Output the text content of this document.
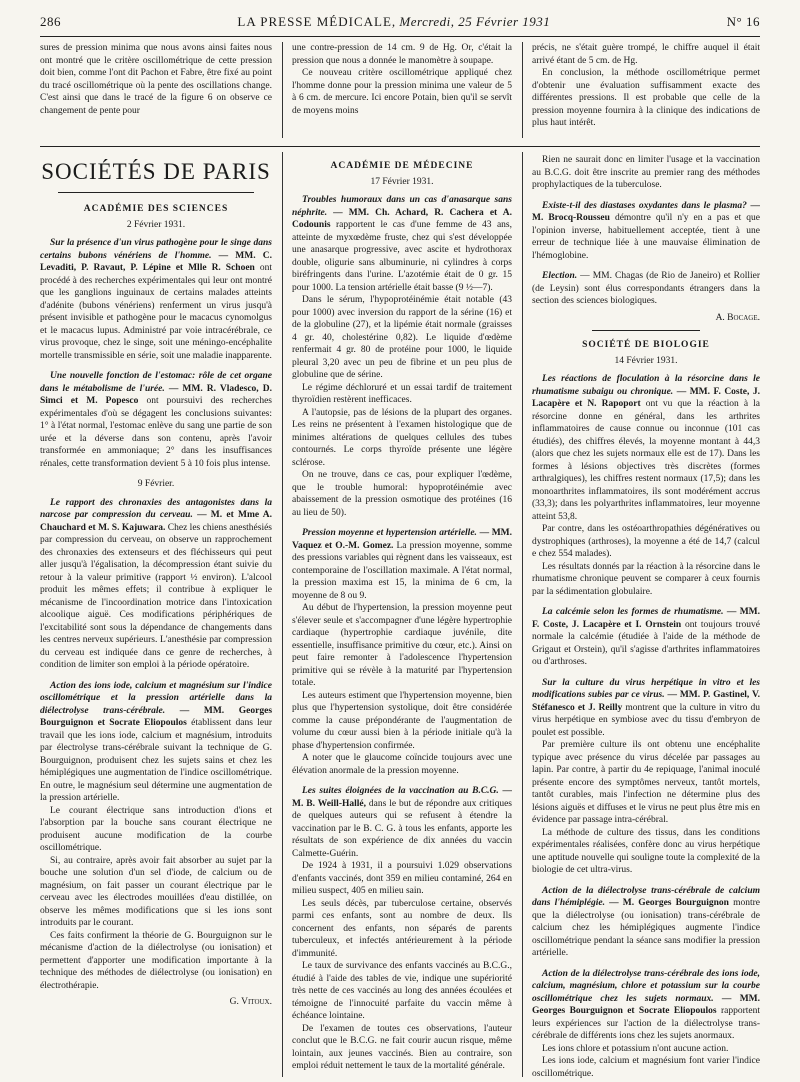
286	LA PRESSE MÉDICALE, Mercredi, 25 Février 1931	N° 16

sures de pression minima que nous avons ainsi faites nous ont montré que le critère oscillométrique de cette pression doit bien, comme l'ont dit Pachon et Fabre, être fixé au point du tracé oscillométrique où la pente des oscillations change. C'est ainsi que dans le tracé de la figure 6 on observe ce changement de pente pour

une contre-pression de 14 cm. 9 de Hg. Or, c'était la pression que nous a donnée le manomètre à soupape.

Ce nouveau critère oscillométrique appliqué chez l'homme donne pour la pression minima une valeur de 5 à 6 cm. de mercure. Ici encore Potain, bien qu'il se servît de moyens moins

précis, ne s'était guère trompé, le chiffre auquel il était arrivé étant de 5 cm. de Hg.

En conclusion, la méthode oscillométrique permet d'obtenir une évaluation suffisamment exacte des différentes pressions. Il est probable que celle de la pression moyenne fournira à la clinique des indications de plus haut intérêt.

SOCIÉTÉS DE PARIS
ACADÉMIE DES SCIENCES
2 Février 1931.

Sur la présence d'un virus pathogène pour le singe dans certains bubons vénériens de l'homme. — MM. C. Levaditi, P. Ravaut, P. Lépine et Mlle R. Schoen ont procédé à des recherches expérimentales qui leur ont montré que les ganglions inguinaux de certains malades atteints d'adénite (bubons vénériens) renferment un virus jusqu'à présent invisible et pathogène pour le macacus cynomolgus et le macacus lupus. Administré par voie intracérébrale, ce virus provoque, chez le singe, soit une méningo-encéphalite mortelle transmissible en série, soit une maladie inapparente.

Une nouvelle fonction de l'estomac: rôle de cet organe dans le métabolisme de l'urée. — MM. R. Vladesco, D. Simci et M. Popesco ont poursuivi des recherches expérimentales d'où se dégagent les conclusions suivantes: 1° à l'état normal, l'estomac enlève du sang une partie de son urée et la déverse dans son contenu, après l'avoir transformée en ammoniaque; 2° dans les insuffisances rénales, cette transformation devient 5 à 10 fois plus intense.

9 Février.

Le rapport des chronaxies des antagonistes dans la narcose par compression du cerveau. — M. et Mme A. Chauchard et M. S. Kajuwara. Chez les chiens anesthésiés par compression du cerveau, on observe un rapprochement des chronaxies des extenseurs et des fléchisseurs qui peut aller jusqu'à l'égalisation, la décompression étant suivie du retour à la valeur primitive (rapport ½ environ). L'alcool produit les mêmes effets; il contribue à expliquer le mécanisme de l'incoordination motrice dans l'intoxication alcoolique aiguë. Ces modifications périphériques de l'excitabilité sont sous la dépendance de changements dans les centres nerveux supérieurs. L'anesthésie par compression du cerveau est indiquée dans ce genre de recherches, à condition de limiter son emploi à la période opératoire.

Action des ions iode, calcium et magnésium sur l'indice oscillométrique et la pression artérielle dans la diélectrolyse trans-cérébrale. — MM. Georges Bourguignon et Socrate Eliopoulos établissent dans leur travail que les ions iode, calcium et magnésium, introduits par électrolyse trans-cérébrale suivant la technique de G. Bourguignon, produisent chez les sujets sains et chez les hémiplégiques une augmentation de l'indice oscillométrique. En outre, le magnésium seul détermine une augmentation de la pression artérielle.

Le courant électrique sans introduction d'ions et l'absorption par la bouche sans courant électrique ne produisent aucune modification de la courbe oscillométrique.

Si, au contraire, après avoir fait absorber au sujet par la bouche une solution d'un sel d'iode, de calcium ou de magnésium, on fait passer un courant électrique par le cerveau avec les électrodes mouillées d'eau distillée, on observe les mêmes modifications que si les ions sont introduits par le courant.

Ces faits confirment la théorie de G. Bourguignon sur le mécanisme d'action de la diélectrolyse (ou ionisation) et permettent d'apporter une modification importante à la technique des méthodes de diélectrolyse (ou ionisation) en électrothérapie.

G. Vitoux.
ACADÉMIE DE MÉDECINE
17 Février 1931.

Troubles humoraux dans un cas d'anasarque sans néphrite. — MM. Ch. Achard, R. Cachera et A. Codounis rapportent le cas d'une femme de 43 ans, atteinte de myxœdème fruste, chez qui s'est développée une anasarque progressive, avec ascite et hydrothorax double, oligurie sans albuminurie, ni cylindres à corps biréfringents dans l'urine. L'azotémie était de 0 gr. 15 pour 1000. La tension artérielle était basse (9 ½—7).

Dans le sérum, l'hypoprotéinémie était notable (43 pour 1000) avec inversion du rapport de la sérine (16) et de la globuline (27), et la lipémie était normale (graisses 4 gr. 40, cholestérine 0,82). Le liquide d'œdème renfermait 4 gr. 80 de protéine pour 1000, le liquide pleural 3,20 avec un peu de fibrine et un peu plus de globuline que de sérine.

Le régime déchloruré et un essai tardif de traitement thyroïdien restèrent inefficaces.

A l'autopsie, pas de lésions de la plupart des organes. Les reins ne présentent à l'examen histologique que de minimes altérations de quelques cellules des tubes contournés. Le corps thyroïde présente une légère sclérose.

On ne trouve, dans ce cas, pour expliquer l'œdème, que le trouble humoral: hypoprotéinémie avec abaissement de la pression osmotique des protéines (16 au lieu de 50).

Pression moyenne et hypertension artérielle. — MM. Vaquez et O.-M. Gomez. La pression moyenne, somme des pressions variables qui règnent dans les vaisseaux, est contemporaine de l'oscillation maximale. A l'état normal, la pression maxima est 15, la minima de 6 cm, la moyenne de 8 ou 9.

Au début de l'hypertension, la pression moyenne peut s'élever seule et s'accompagner d'une légère hypertrophie cardiaque (hypertrophie cardiaque juvénile, dite essentielle, insuffisance primitive du cœur, etc.). Ainsi on peut faire remonter à l'adolescence l'hypertension primitive qui se révèle à la maturité par l'hypertension totale.

Les auteurs estiment que l'hypertension moyenne, bien plus que l'hypertension systolique, doit être considérée comme la cause prépondérante de l'augmentation de volume du cœur aussi bien à la période initiale qu'à la phase d'hypertension confirmée.

A noter que le glaucome coïncide toujours avec une élévation anormale de la pression moyenne.

Les suites éloignées de la vaccination au B.C.G. — M. B. Weill-Hallé, dans le but de répondre aux critiques de quelques auteurs qui se refusent à étendre la vaccination par le B. C. G. à tous les enfants, apporte les résultats de son expérience de dix années du vaccin Calmette-Guérin.

De 1924 à 1931, il a poursuivi 1.029 observations d'enfants vaccinés, dont 359 en milieu contaminé, 264 en milieu suspect, 405 en milieu sain.

Les seuls décès, par tuberculose certaine, observés parmi ces enfants, sont au nombre de deux. Ils concernent des enfants, non séparés de parents tuberculeux, et infectés antérieurement à la période d'immunité.

Le taux de survivance des enfants vaccinés au B.C.G., étudié à l'aide des tables de vie, indique une supériorité très nette de ces vaccinés au long des années écoulées et témoigne de l'innocuité parfaite du vaccin même à échéance lointaine.

De l'examen de toutes ces observations, l'auteur conclut que le B.C.G. ne fait courir aucun risque, même lointain, aux jeunes vaccinés. Bien au contraire, son emploi réduit nettement le taux de la mortalité générale.

Rien ne saurait donc en limiter l'usage et la vaccination au B.C.G. doit être inscrite au premier rang des méthodes prophylactiques de la tuberculose.

Existe-t-il des diastases oxydantes dans le plasma? — M. Brocq-Rousseu démontre qu'il n'y en a pas et que l'opinion inverse, habituellement acceptée, tient à une erreur de technique liée à une mauvaise élimination de l'hémoglobine.

Election. — MM. Chagas (de Rio de Janeiro) et Rollier (de Leysin) sont élus correspondants étrangers dans la section des sciences biologiques.

A. Bocage.
SOCIÉTÉ DE BIOLOGIE
14 Février 1931.

Les réactions de floculation à la résorcine dans le rhumatisme subaigu ou chronique. — MM. F. Coste, J. Lacapère et N. Rapoport ont vu que la réaction à la résorcine donne en général, dans les arthrites inflammatoires de cause connue ou inconnue (101 cas étudiés), des chiffres élevés, la moyenne montant à 44,3 (alors que chez les sujets normaux elle est de 17). Dans les formes à lésions objectives très discrètes (formes arthralgiques), les chiffres restent normaux (17,5); dans les monoarthrites inflammatoires, ils sont modérément accrus (33,3); dans les polyarthrites inflammatoires, leur moyenne atteint 53,8.

Par contre, dans les ostéoarthropathies dégénératives ou dystrophiques (arthroses), la moyenne a été de 14,7 (calcul e chez 554 malades).

Les résultats donnés par la réaction à la résorcine dans le rhumatisme chronique peuvent se comparer à ceux fournis par la sédimentation globulaire.

La calcémie selon les formes de rhumatisme. — MM. F. Coste, J. Lacapère et I. Ornstein ont toujours trouvé normale la calcémie (étudiée à l'aide de la méthode de Grigaut et Orstein), qu'il s'agisse d'arthrites inflammatoires ou d'arthroses.

Sur la culture du virus herpétique in vitro et les modifications subies par ce virus. — MM. P. Gastinel, V. Stéfanesco et J. Reilly montrent que la culture in vitro du virus herpétique en symbiose avec du tissu d'embryon de poulet est possible.

Par première culture ils ont obtenu une encéphalite typique avec présence du virus décelée par passages au lapin. Par contre, à partir du 4e repiquage, l'animal inoculé présente encore des symptômes nerveux, tantôt mortels, tantôt curables, mais l'infection ne détermine plus des lésions aiguës et diffuses et le virus ne peut plus être mis en évidence par passage intra-cérébral.

La méthode de culture des tissus, dans les conditions expérimentales réalisées, confère donc au virus herpétique une aptitude nouvelle qui souligne toute la complexité de la biologie de cet ultra-virus.

Action de la diélectrolyse trans-cérébrale de calcium dans l'hémiplégie. — M. Georges Bourguignon montre que la diélectrolyse (ou ionisation) trans-cérébrale de calcium chez les hémiplégiques augmente l'indice oscillométrique pendant la séance sans modifier la pression artérielle.

Action de la diélectrolyse trans-cérébrale des ions iode, calcium, magnésium, chlore et potassium sur la courbe oscillométrique chez les sujets normaux. — MM. Georges Bourguignon et Socrate Eliopoulos rapportent leurs expériences sur l'action de la diélectrolyse trans-cérébrale de différents ions chez les sujets anormaux.

Les ions chlore et potassium n'ont aucune action.

Les ions iode, calcium et magnésium font varier l'indice oscillométrique.
